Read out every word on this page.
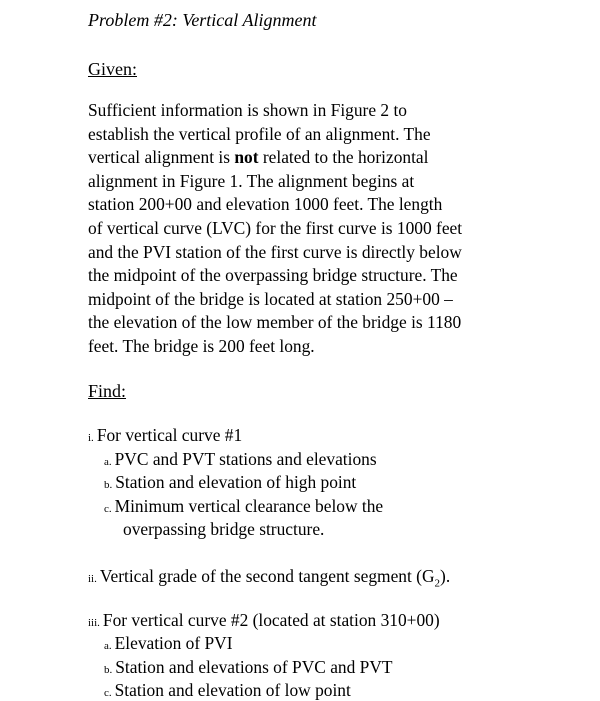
Problem #2: Vertical Alignment
Given:
Sufficient information is shown in Figure 2 to
establish the vertical profile of an alignment. The
vertical alignment is not related to the horizontal
alignment in Figure 1. The alignment begins at
station 200+00 and elevation 1000 feet. The length
of vertical curve (LVC) for the first curve is 1000 feet
and the PVI station of the first curve is directly below
the midpoint of the overpassing bridge structure. The
midpoint of the bridge is located at station 250+00 –
the elevation of the low member of the bridge is 1180
feet. The bridge is 200 feet long.
Find:
i. For vertical curve #1
a. PVC and PVT stations and elevations
b. Station and elevation of high point
c. Minimum vertical clearance below the
overpassing bridge structure.
ii. Vertical grade of the second tangent segment $(G_2)$.
iii. For vertical curve #2 (located at station 310+00)
a. Elevation of PVI
b. Station and elevations of PVC and PVT
c. Station and elevation of low point
